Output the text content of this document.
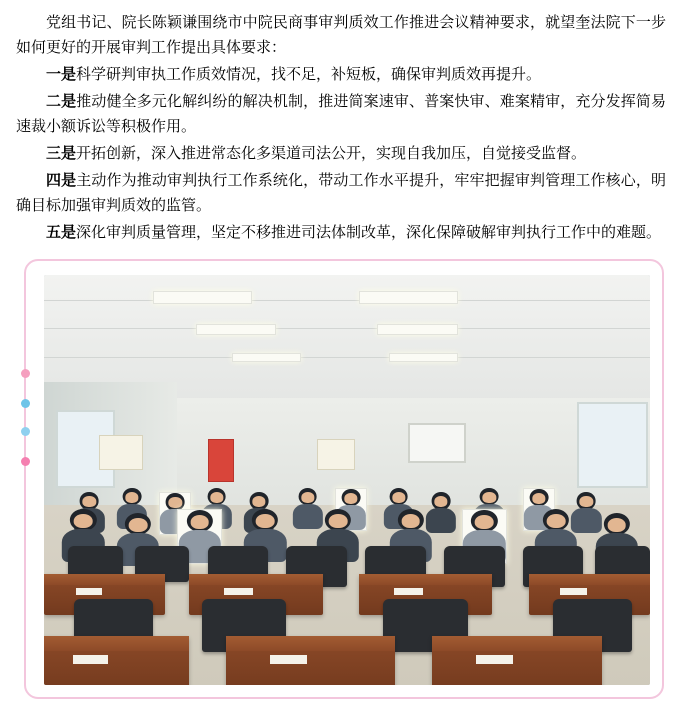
党组书记、院长陈颖谦围绕市中院民商事审判质效工作推进会议精神要求，就望奎法院下一步如何更好的开展审判工作提出具体要求：

一是科学研判审执工作质效情况，找不足，补短板，确保审判质效再提升。

二是推动健全多元化解纠纷的解决机制，推进简案速审、普案快审、难案精审，充分发挥简易速裁小额诉讼等积极作用。

三是开拓创新，深入推进常态化多渠道司法公开，实现自我加压，自觉接受监督。

四是主动作为推动审判执行工作系统化，带动工作水平提升，牢牢把握审判管理工作核心，明确目标加强审判质效的监管。

五是深化审判质量管理，坚定不移推进司法体制改革，深化保障破解审判执行工作中的难题。
